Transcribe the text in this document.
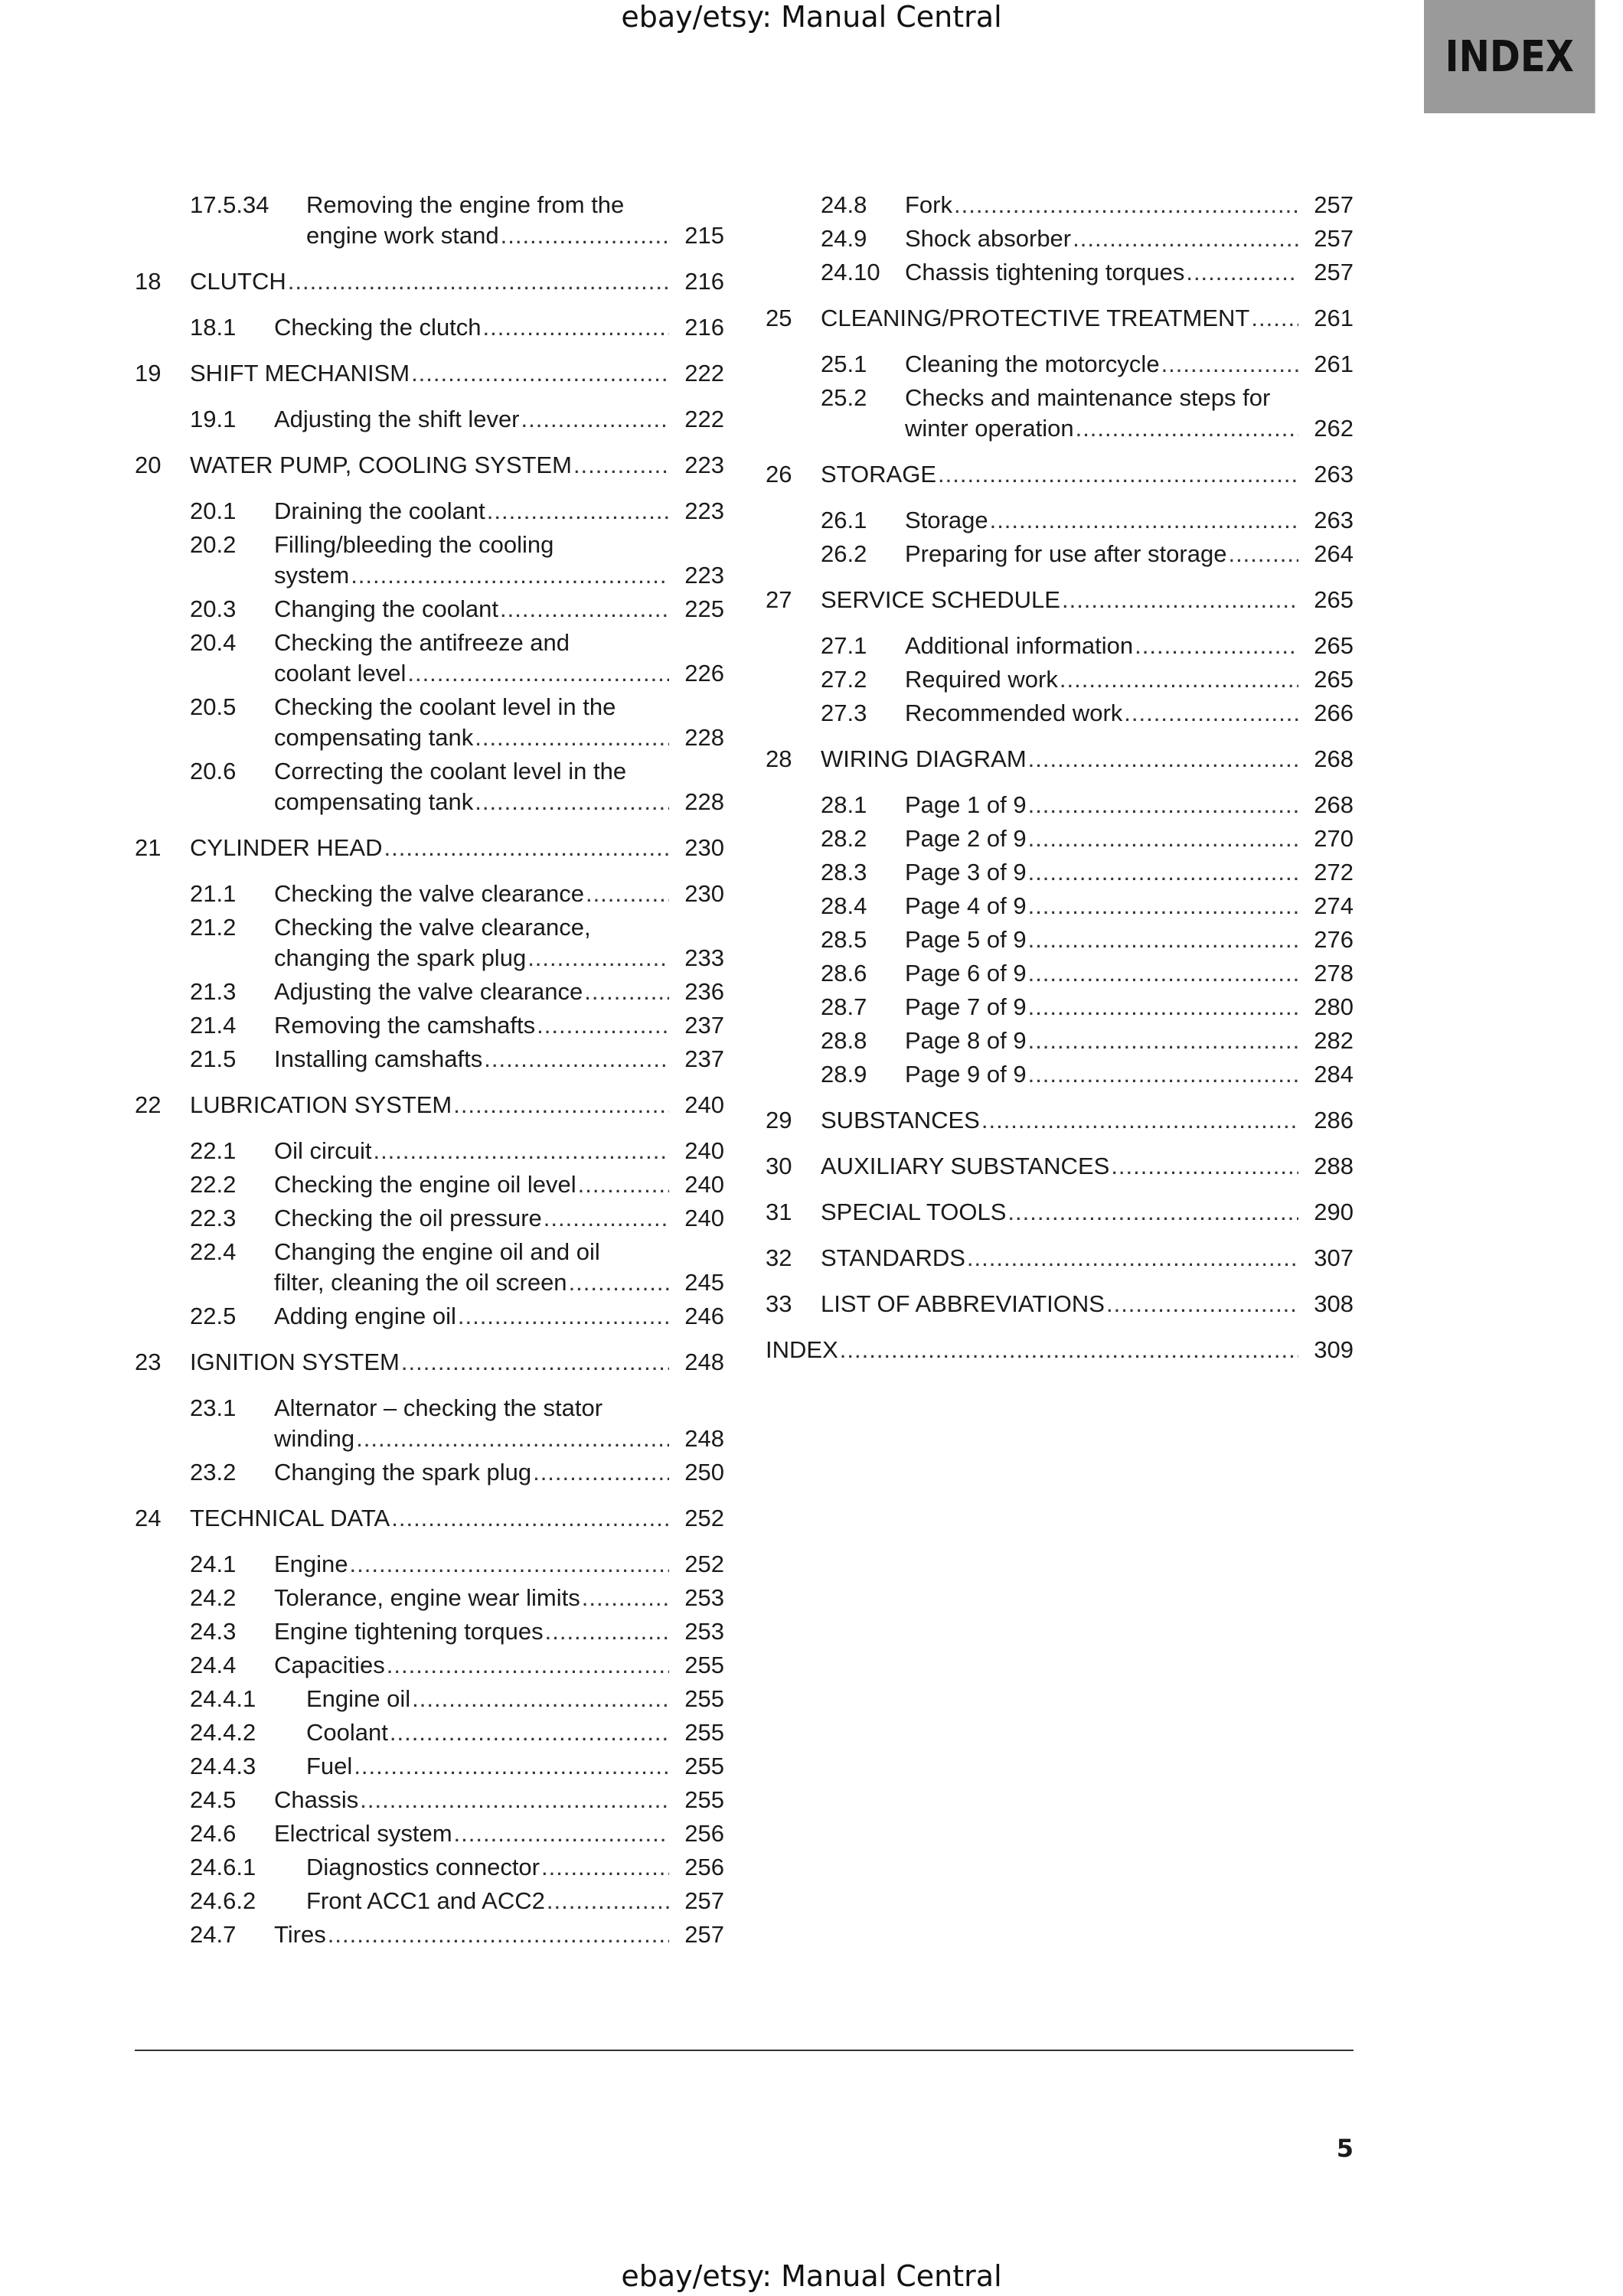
ebay/etsy: Manual Central
INDEX
17.5.34 Removing the engine from the
engine work stand .....	215
18 CLUTCH .....	216
18.1 Checking the clutch .....	216
19 SHIFT MECHANISM .....	222
19.1 Adjusting the shift lever .....	222
20 WATER PUMP, COOLING SYSTEM .....	223
20.1 Draining the coolant .....	223
20.2 Filling/bleeding the cooling
system .....	223
20.3 Changing the coolant .....	225
20.4 Checking the antifreeze and
coolant level .....	226
20.5 Checking the coolant level in the
compensating tank .....	228
20.6 Correcting the coolant level in the
compensating tank .....	228
21 CYLINDER HEAD .....	230
21.1 Checking the valve clearance .....	230
21.2 Checking the valve clearance,
changing the spark plug .....	233
21.3 Adjusting the valve clearance .....	236
21.4 Removing the camshafts .....	237
21.5 Installing camshafts .....	237
22 LUBRICATION SYSTEM .....	240
22.1 Oil circuit .....	240
22.2 Checking the engine oil level .....	240
22.3 Checking the oil pressure .....	240
22.4 Changing the engine oil and oil
filter, cleaning the oil screen .....	245
22.5 Adding engine oil .....	246
23 IGNITION SYSTEM .....	248
23.1 Alternator – checking the stator
winding .....	248
23.2 Changing the spark plug .....	250
24 TECHNICAL DATA .....	252
24.1 Engine .....	252
24.2 Tolerance, engine wear limits .....	253
24.3 Engine tightening torques .....	253
24.4 Capacities .....	255
24.4.1 Engine oil .....	255
24.4.2 Coolant .....	255
24.4.3 Fuel .....	255
24.5 Chassis .....	255
24.6 Electrical system .....	256
24.6.1 Diagnostics connector .....	256
24.6.2 Front ACC1 and ACC2 .....	257
24.7 Tires .....	257
24.8 Fork .....	257
24.9 Shock absorber .....	257
24.10 Chassis tightening torques .....	257
25 CLEANING/PROTECTIVE TREATMENT .....	261
25.1 Cleaning the motorcycle .....	261
25.2 Checks and maintenance steps for
winter operation .....	262
26 STORAGE .....	263
26.1 Storage .....	263
26.2 Preparing for use after storage .....	264
27 SERVICE SCHEDULE .....	265
27.1 Additional information .....	265
27.2 Required work .....	265
27.3 Recommended work .....	266
28 WIRING DIAGRAM .....	268
28.1 Page 1 of 9 .....	268
28.2 Page 2 of 9 .....	270
28.3 Page 3 of 9 .....	272
28.4 Page 4 of 9 .....	274
28.5 Page 5 of 9 .....	276
28.6 Page 6 of 9 .....	278
28.7 Page 7 of 9 .....	280
28.8 Page 8 of 9 .....	282
28.9 Page 9 of 9 .....	284
29 SUBSTANCES .....	286
30 AUXILIARY SUBSTANCES .....	288
31 SPECIAL TOOLS .....	290
32 STANDARDS .....	307
33 LIST OF ABBREVIATIONS .....	308
INDEX .....	309
5
ebay/etsy: Manual Central
